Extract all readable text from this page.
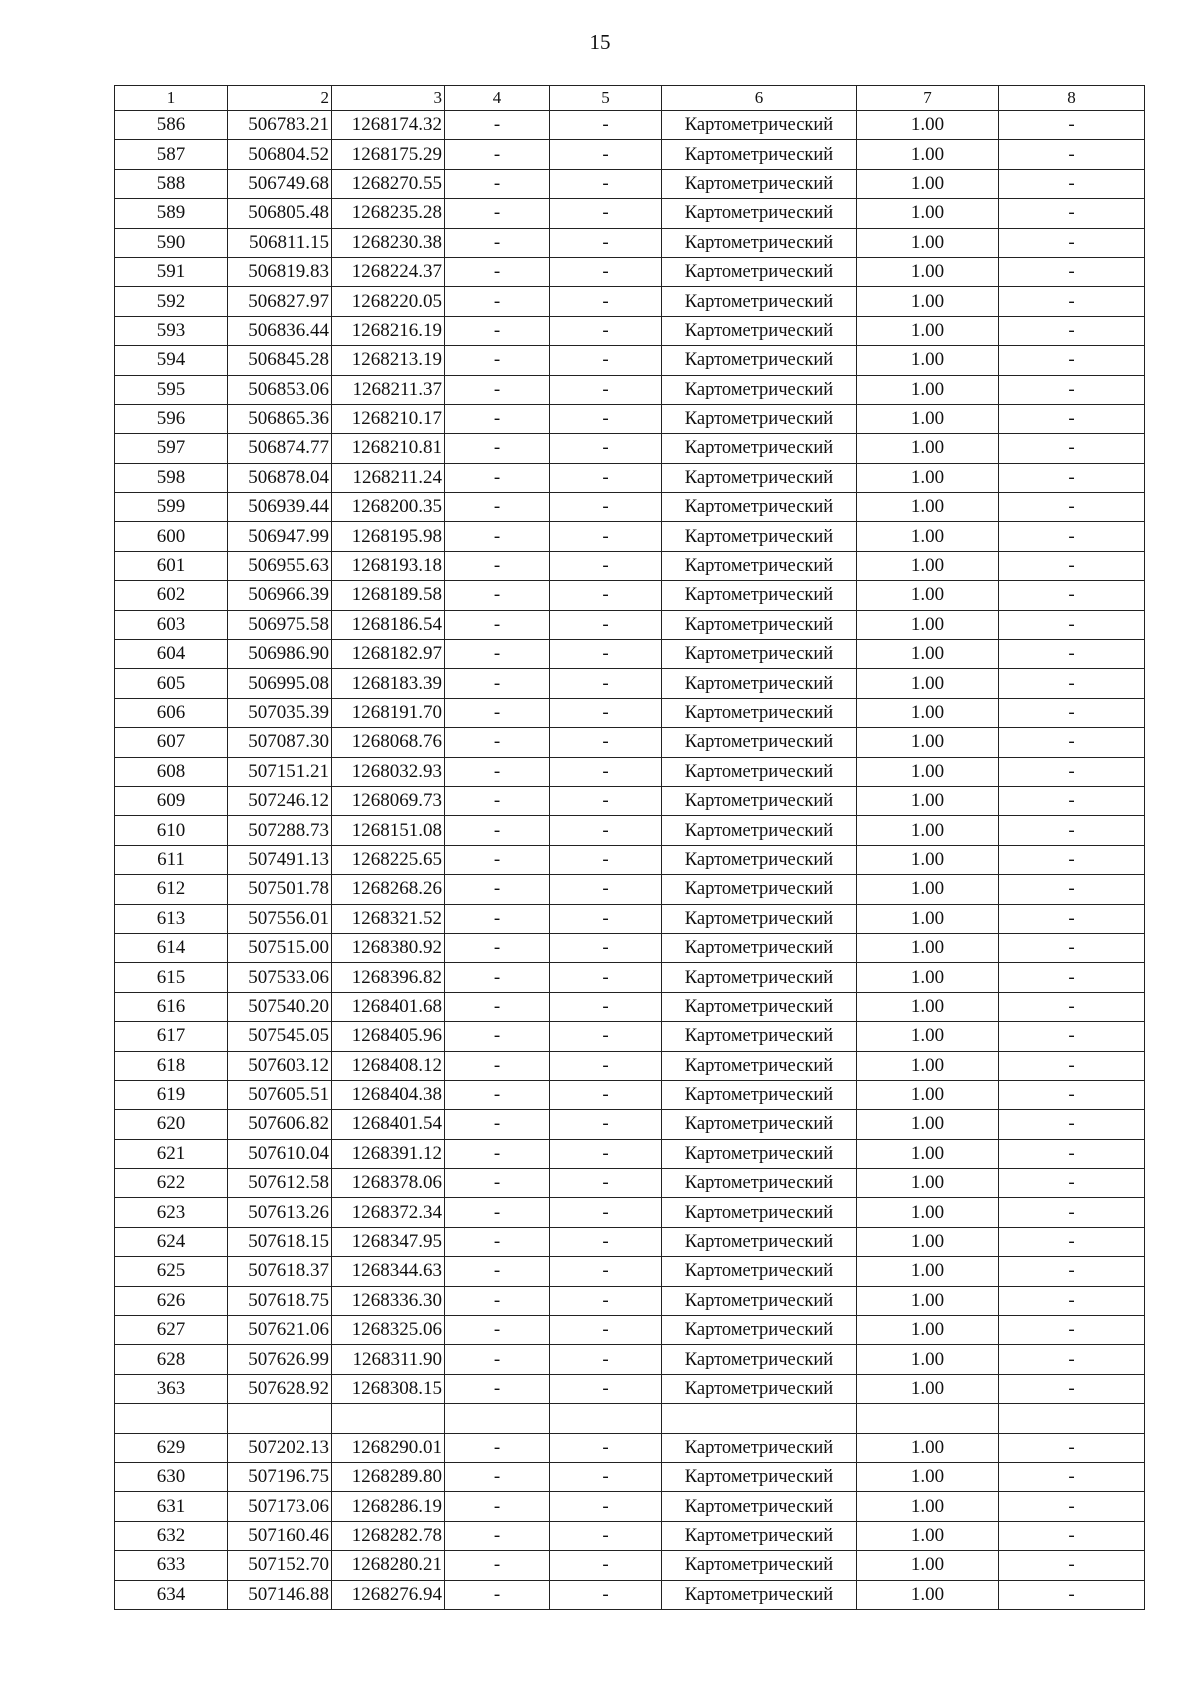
15
1	2	3	4	5	6	7	8
586	506783.21	1268174.32	-	-	Картометрический	1.00	-
587	506804.52	1268175.29	-	-	Картометрический	1.00	-
588	506749.68	1268270.55	-	-	Картометрический	1.00	-
589	506805.48	1268235.28	-	-	Картометрический	1.00	-
590	506811.15	1268230.38	-	-	Картометрический	1.00	-
591	506819.83	1268224.37	-	-	Картометрический	1.00	-
592	506827.97	1268220.05	-	-	Картометрический	1.00	-
593	506836.44	1268216.19	-	-	Картометрический	1.00	-
594	506845.28	1268213.19	-	-	Картометрический	1.00	-
595	506853.06	1268211.37	-	-	Картометрический	1.00	-
596	506865.36	1268210.17	-	-	Картометрический	1.00	-
597	506874.77	1268210.81	-	-	Картометрический	1.00	-
598	506878.04	1268211.24	-	-	Картометрический	1.00	-
599	506939.44	1268200.35	-	-	Картометрический	1.00	-
600	506947.99	1268195.98	-	-	Картометрический	1.00	-
601	506955.63	1268193.18	-	-	Картометрический	1.00	-
602	506966.39	1268189.58	-	-	Картометрический	1.00	-
603	506975.58	1268186.54	-	-	Картометрический	1.00	-
604	506986.90	1268182.97	-	-	Картометрический	1.00	-
605	506995.08	1268183.39	-	-	Картометрический	1.00	-
606	507035.39	1268191.70	-	-	Картометрический	1.00	-
607	507087.30	1268068.76	-	-	Картометрический	1.00	-
608	507151.21	1268032.93	-	-	Картометрический	1.00	-
609	507246.12	1268069.73	-	-	Картометрический	1.00	-
610	507288.73	1268151.08	-	-	Картометрический	1.00	-
611	507491.13	1268225.65	-	-	Картометрический	1.00	-
612	507501.78	1268268.26	-	-	Картометрический	1.00	-
613	507556.01	1268321.52	-	-	Картометрический	1.00	-
614	507515.00	1268380.92	-	-	Картометрический	1.00	-
615	507533.06	1268396.82	-	-	Картометрический	1.00	-
616	507540.20	1268401.68	-	-	Картометрический	1.00	-
617	507545.05	1268405.96	-	-	Картометрический	1.00	-
618	507603.12	1268408.12	-	-	Картометрический	1.00	-
619	507605.51	1268404.38	-	-	Картометрический	1.00	-
620	507606.82	1268401.54	-	-	Картометрический	1.00	-
621	507610.04	1268391.12	-	-	Картометрический	1.00	-
622	507612.58	1268378.06	-	-	Картометрический	1.00	-
623	507613.26	1268372.34	-	-	Картометрический	1.00	-
624	507618.15	1268347.95	-	-	Картометрический	1.00	-
625	507618.37	1268344.63	-	-	Картометрический	1.00	-
626	507618.75	1268336.30	-	-	Картометрический	1.00	-
627	507621.06	1268325.06	-	-	Картометрический	1.00	-
628	507626.99	1268311.90	-	-	Картометрический	1.00	-
363	507628.92	1268308.15	-	-	Картометрический	1.00	-

629	507202.13	1268290.01	-	-	Картометрический	1.00	-
630	507196.75	1268289.80	-	-	Картометрический	1.00	-
631	507173.06	1268286.19	-	-	Картометрический	1.00	-
632	507160.46	1268282.78	-	-	Картометрический	1.00	-
633	507152.70	1268280.21	-	-	Картометрический	1.00	-
634	507146.88	1268276.94	-	-	Картометрический	1.00	-
